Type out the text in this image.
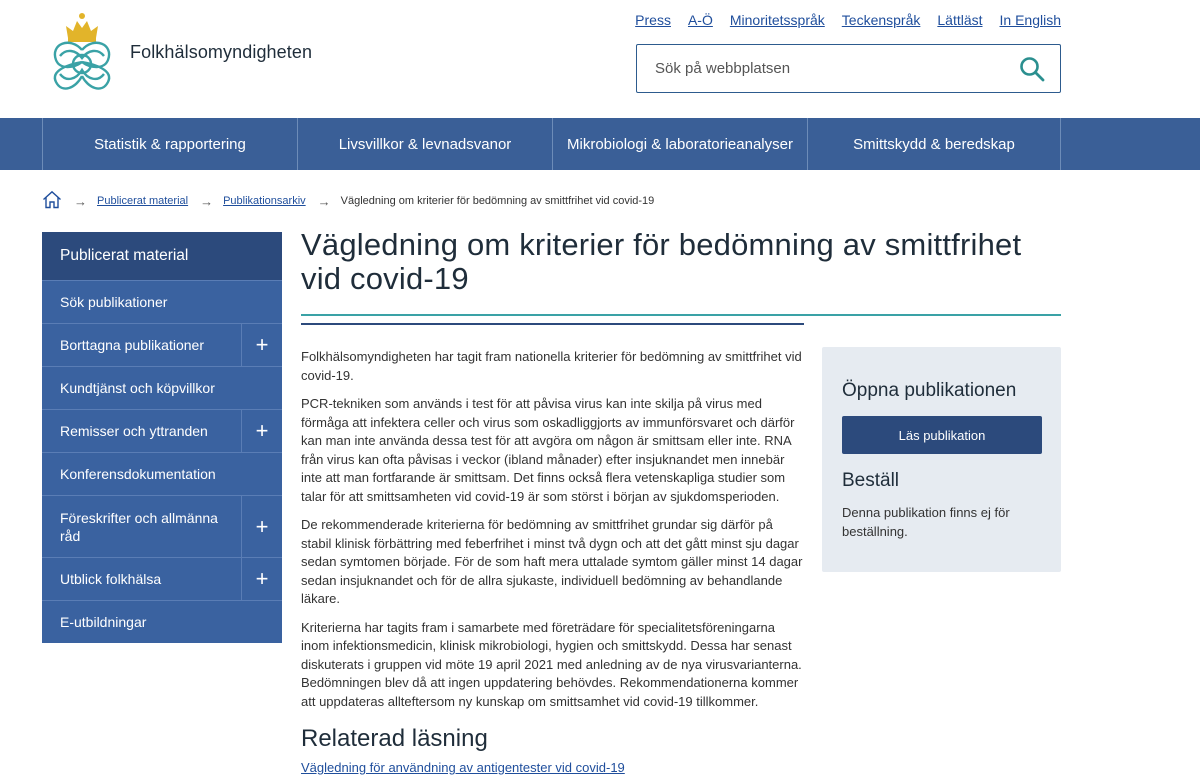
Folkhälsomyndigheten
Press A-Ö Minoritetsspråk Teckenspråk Lättläst In English
Sök på webbplatsen
Statistik & rapportering	Livsvillkor & levnadsvanor	Mikrobiologi & laboratorieanalyser	Smittskydd & beredskap
→ Publicerat material → Publikationsarkiv → Vägledning om kriterier för bedömning av smittfrihet vid covid-19
Publicerat material
Sök publikationer
Borttagna publikationer	+
Kundtjänst och köpvillkor
Remisser och yttranden	+
Konferensdokumentation
Föreskrifter och allmänna råd	+
Utblick folkhälsa	+
E-utbildningar
Vägledning om kriterier för bedömning av smittfrihet vid covid-19

Folkhälsomyndigheten har tagit fram nationella kriterier för bedömning av smittfrihet vid covid-19.

PCR-tekniken som används i test för att påvisa virus kan inte skilja på virus med förmåga att infektera celler och virus som oskadliggjorts av immunförsvaret och därför kan man inte använda dessa test för att avgöra om någon är smittsam eller inte. RNA från virus kan ofta påvisas i veckor (ibland månader) efter insjuknandet men innebär inte att man fortfarande är smittsam. Det finns också flera vetenskapliga studier som talar för att smittsamheten vid covid-19 är som störst i början av sjukdomsperioden.

De rekommenderade kriterierna för bedömning av smittfrihet grundar sig därför på stabil klinisk förbättring med feberfrihet i minst två dygn och att det gått minst sju dagar sedan symtomen började. För de som haft mera uttalade symtom gäller minst 14 dagar sedan insjuknandet och för de allra sjukaste, individuell bedömning av behandlande läkare.

Kriterierna har tagits fram i samarbete med företrädare för specialitetsföreningarna inom infektionsmedicin, klinisk mikrobiologi, hygien och smittskydd. Dessa har senast diskuterats i gruppen vid möte 19 april 2021 med anledning av de nya virusvarianterna. Bedömningen blev då att ingen uppdatering behövdes. Rekommendationerna kommer att uppdateras allteftersom ny kunskap om smittsamhet vid covid-19 tillkommer.

Relaterad läsning
Vägledning för användning av antigentester vid covid-19
Öppna publikationen
Läs publikation
Beställ

Denna publikation finns ej för beställning.
